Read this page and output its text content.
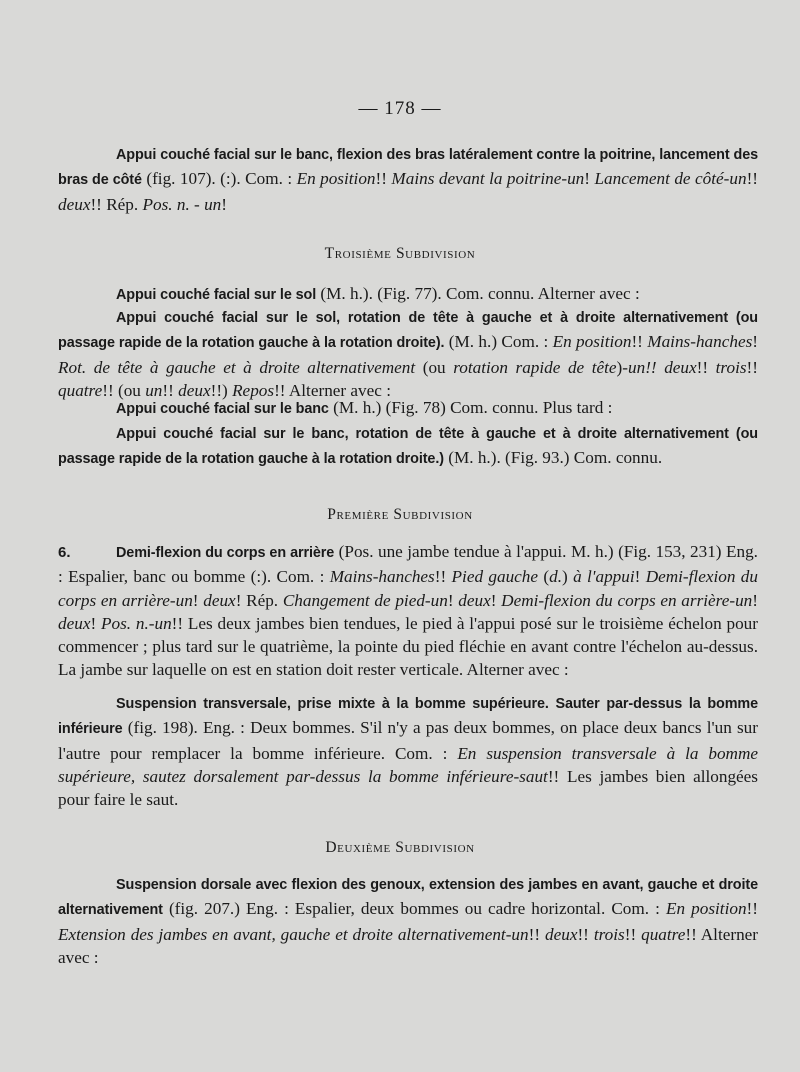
— 178 —
Appui couché facial sur le banc, flexion des bras latéralement contre la poitrine, lancement des bras de côté (fig. 107). (:). Com. : En position!! Mains devant la poitrine-un! Lancement de côté-un!! deux!! Rép. Pos. n. - un!
Troisième Subdivision
Appui couché facial sur le sol (M. h.). (Fig. 77). Com. connu. Alterner avec :
Appui couché facial sur le sol, rotation de tête à gauche et à droite alternativement (ou passage rapide de la rotation gauche à la rotation droite). (M. h.) Com. : En position!! Mains-hanches! Rot. de tête à gauche et à droite alternativement (ou rotation rapide de tête)-un!! deux!! trois!! quatre!! (ou un!! deux!!) Repos!! Alterner avec :
Appui couché facial sur le banc (M. h.) (Fig. 78) Com. connu. Plus tard :
Appui couché facial sur le banc, rotation de tête à gauche et à droite alternativement (ou passage rapide de la rotation gauche à la rotation droite.) (M. h.). (Fig. 93.) Com. connu.
Première Subdivision
6.	Demi-flexion du corps en arrière (Pos. une jambe tendue à l'appui. M. h.) (Fig. 153, 231) Eng. : Espalier, banc ou bomme (:). Com. : Mains-hanches!! Pied gauche (d.) à l'appui! Demi-flexion du corps en arrière-un! deux! Rép. Changement de pied-un! deux! Demi-flexion du corps en arrière-un! deux! Pos. n.-un!! Les deux jambes bien tendues, le pied à l'appui posé sur le troisième échelon pour commencer ; plus tard sur le quatrième, la pointe du pied fléchie en avant contre l'échelon au-dessus. La jambe sur laquelle on est en station doit rester verticale. Alterner avec :
Suspension transversale, prise mixte à la bomme supérieure. Sauter par-dessus la bomme inférieure (fig. 198). Eng. : Deux bommes. S'il n'y a pas deux bommes, on place deux bancs l'un sur l'autre pour remplacer la bomme inférieure. Com. : En suspension transversale à la bomme supérieure, sautez dorsalement par-dessus la bomme inférieure-saut!! Les jambes bien allongées pour faire le saut.
Deuxième Subdivision
Suspension dorsale avec flexion des genoux, extension des jambes en avant, gauche et droite alternativement (fig. 207.) Eng. : Espalier, deux bommes ou cadre horizontal. Com. : En position!! Extension des jambes en avant, gauche et droite alternativement-un!! deux!! trois!! quatre!! Alterner avec :
